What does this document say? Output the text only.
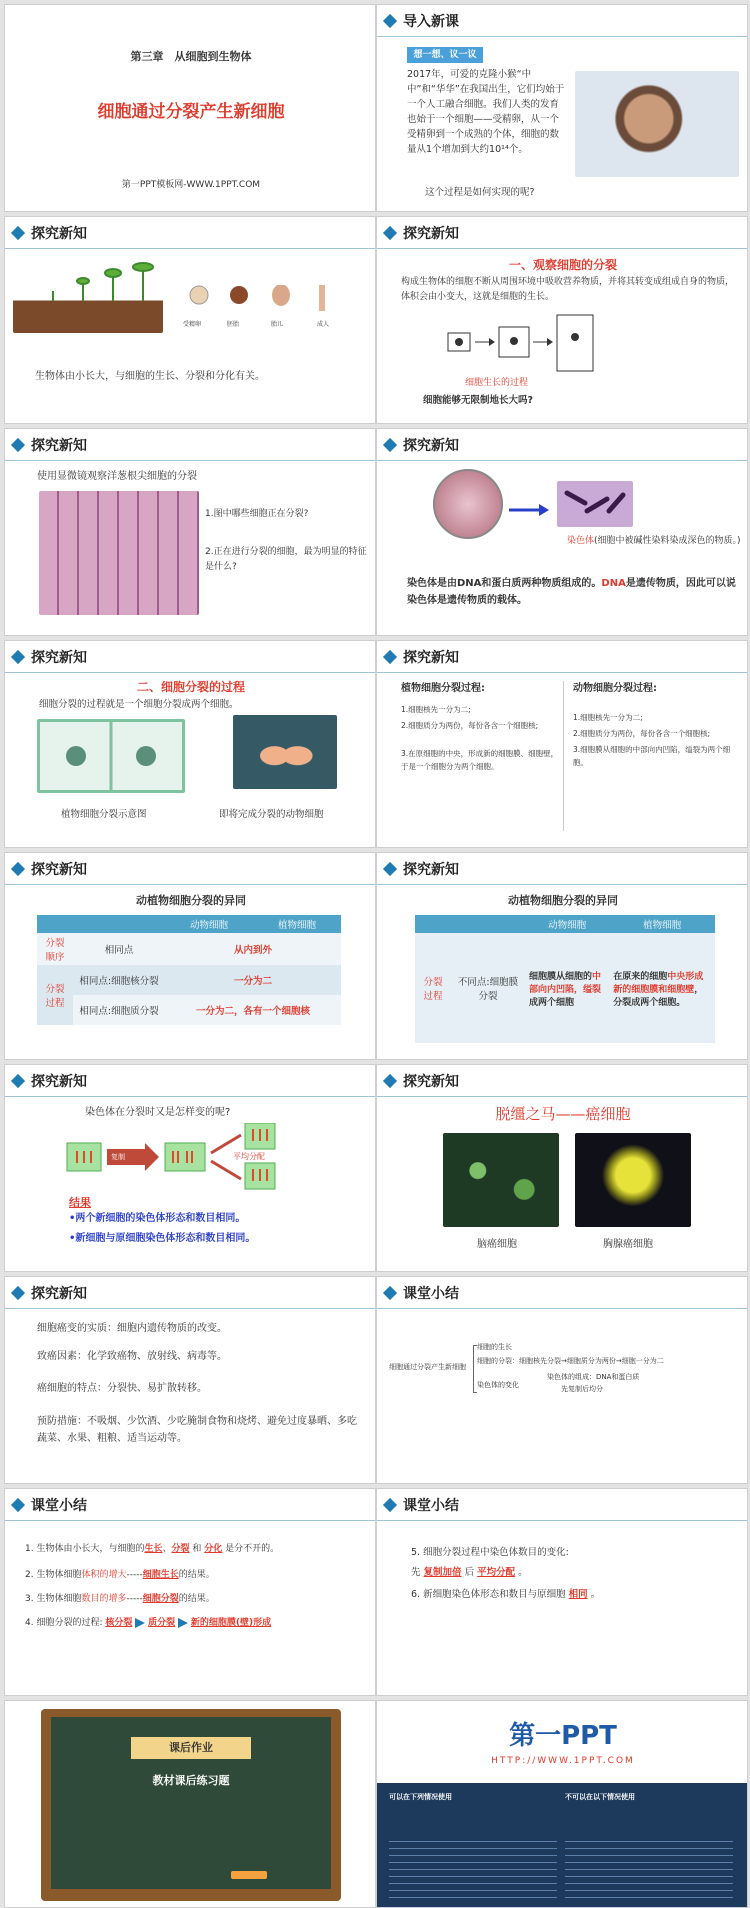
第三章　从细胞到生物体
细胞通过分裂产生新细胞
第一PPT模板网-WWW.1PPT.COM
导入新课
想一想、议一议
2017年，可爱的克隆小猴“中中”和“华华”在我国出生，它们均始于一个人工融合细胞。我们人类的发育也始于一个细胞——受精卵，从一个受精卵到一个成熟的个体，细胞的数量从1个增加到大约10¹⁴个。
这个过程是如何实现的呢?
探究新知
受精卵	胚胎	胎儿	成人
生物体由小长大，与细胞的生长、分裂和分化有关。
探究新知
一、观察细胞的分裂
构成生物体的细胞不断从周围环境中吸收营养物质，并将其转变成组成自身的物质，体积会由小变大，这就是细胞的生长。
细胞生长的过程
细胞能够无限制地长大吗?
探究新知
使用显微镜观察洋葱根尖细胞的分裂
1.图中哪些细胞正在分裂?
2.正在进行分裂的细胞，最为明显的特征是什么?
探究新知
染色体(细胞中被碱性染料染成深色的物质。)
染色体是由DNA和蛋白质两种物质组成的。DNA是遗传物质，因此可以说染色体是遗传物质的载体。
探究新知
二、细胞分裂的过程
细胞分裂的过程就是一个细胞分裂成两个细胞。
植物细胞分裂示意图	即将完成分裂的动物细胞
探究新知
植物细胞分裂过程:
1.细胞核先一分为二;
2.细胞质分为两份，每份各含一个细胞核;
3.在原细胞的中央，形成新的细胞膜、细胞壁，于是一个细胞分为两个细胞。
动物细胞分裂过程:
1.细胞核先一分为二;
2.细胞质分为两份，每份各含一个细胞核;
3.细胞膜从细胞的中部向内凹陷，缢裂为两个细胞。
探究新知
动植物细胞分裂的异同
		动物细胞	植物细胞
分裂顺序	相同点	从内到外	
分裂过程	相同点:细胞核分裂	一分为二	
	相同点:细胞质分裂	一分为二，各有一个细胞核	
探究新知
动植物细胞分裂的异同
		动物细胞	植物细胞
分裂过程	不同点:细胞膜分裂	细胞膜从细胞的中部向内凹陷，缢裂成两个细胞	在原来的细胞中央形成新的细胞膜和细胞壁，分裂成两个细胞。
探究新知
染色体在分裂时又是怎样变的呢?
复制	平均分配
结果
•两个新细胞的染色体形态和数目相同。
•新细胞与原细胞染色体形态和数目相同。
探究新知
脱缰之马——癌细胞
脑癌细胞	胸腺癌细胞
探究新知
细胞癌变的实质：细胞内遗传物质的改变。
致癌因素：化学致癌物、放射线、病毒等。
癌细胞的特点：分裂快、易扩散转移。
预防措施：不吸烟、少饮酒、少吃腌制食物和烧烤、避免过度暴晒、多吃蔬菜、水果、粗粮、适当运动等。
课堂小结
细胞通过分裂产生新细胞
细胞的生长
细胞的分裂：细胞核先分裂→细胞质分为两份→细胞一分为二
染色体的变化
染色体的组成：DNA和蛋白质
先复制后均分
课堂小结
1. 生物体由小长大，与细胞的生长、分裂 和 分化 是分不开的。
2. 生物体细胞体积的增大-----细胞生长的结果。
3. 生物体细胞数目的增多-----细胞分裂的结果。
4. 细胞分裂的过程: 核分裂 质分裂 新的细胞膜(壁)形成
课堂小结
5. 细胞分裂过程中染色体数目的变化:
先 复制加倍 后 平均分配 。
6. 新细胞染色体形态和数目与原细胞 相同 。
课后作业
教材课后练习题
第一PPT
HTTP://WWW.1PPT.COM
可以在下列情况使用	不可以在以下情况使用
